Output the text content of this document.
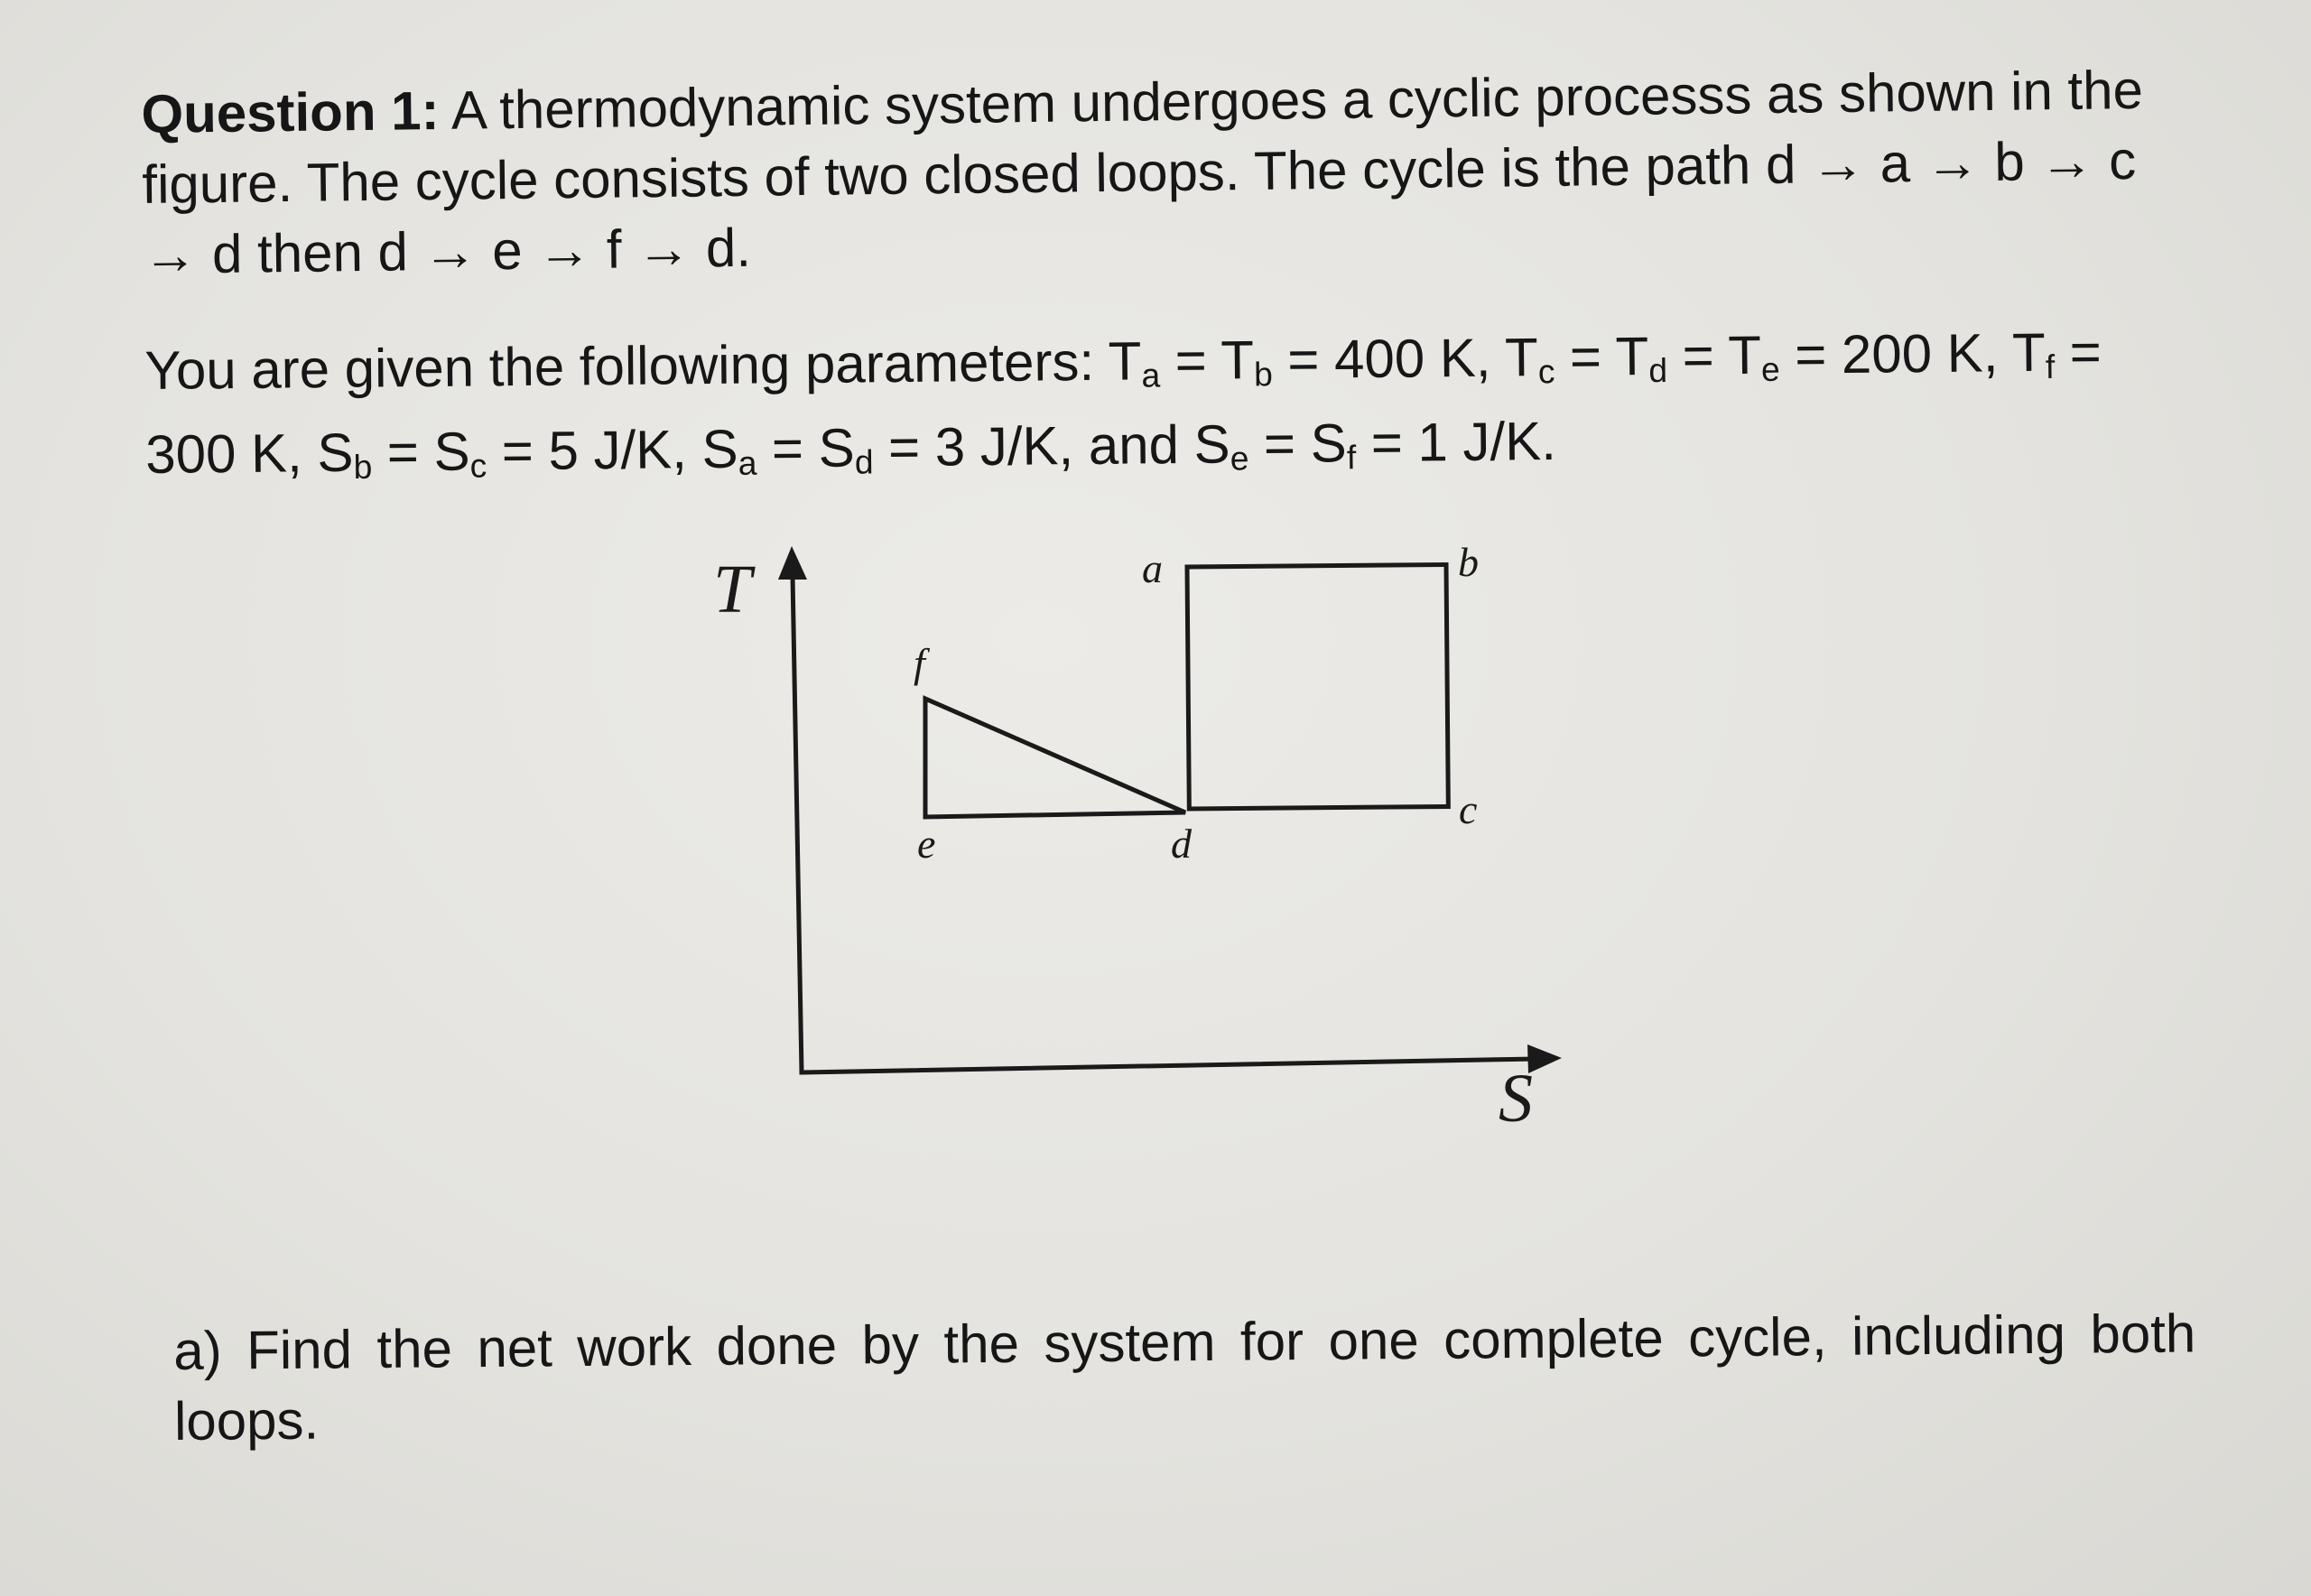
Question 1: A thermodynamic system undergoes a cyclic processs as shown in the
figure. The cycle consists of two closed loops. The cycle is the path d → a → b → c
→ d then d → e → f → d.
You are given the following parameters: $T_a = T_b = 400$ K, $T_c = T_d = T_e = 200$ K, $T_f$ =
300 K, $S_b = S_c = 5$ J/K, $S_a = S_d = 3$ J/K, and $S_e = S_f = 1$ J/K.
T
S
a	b
c
d
e
f
a) Find the net work done by the system for one complete cycle, including both
loops.
